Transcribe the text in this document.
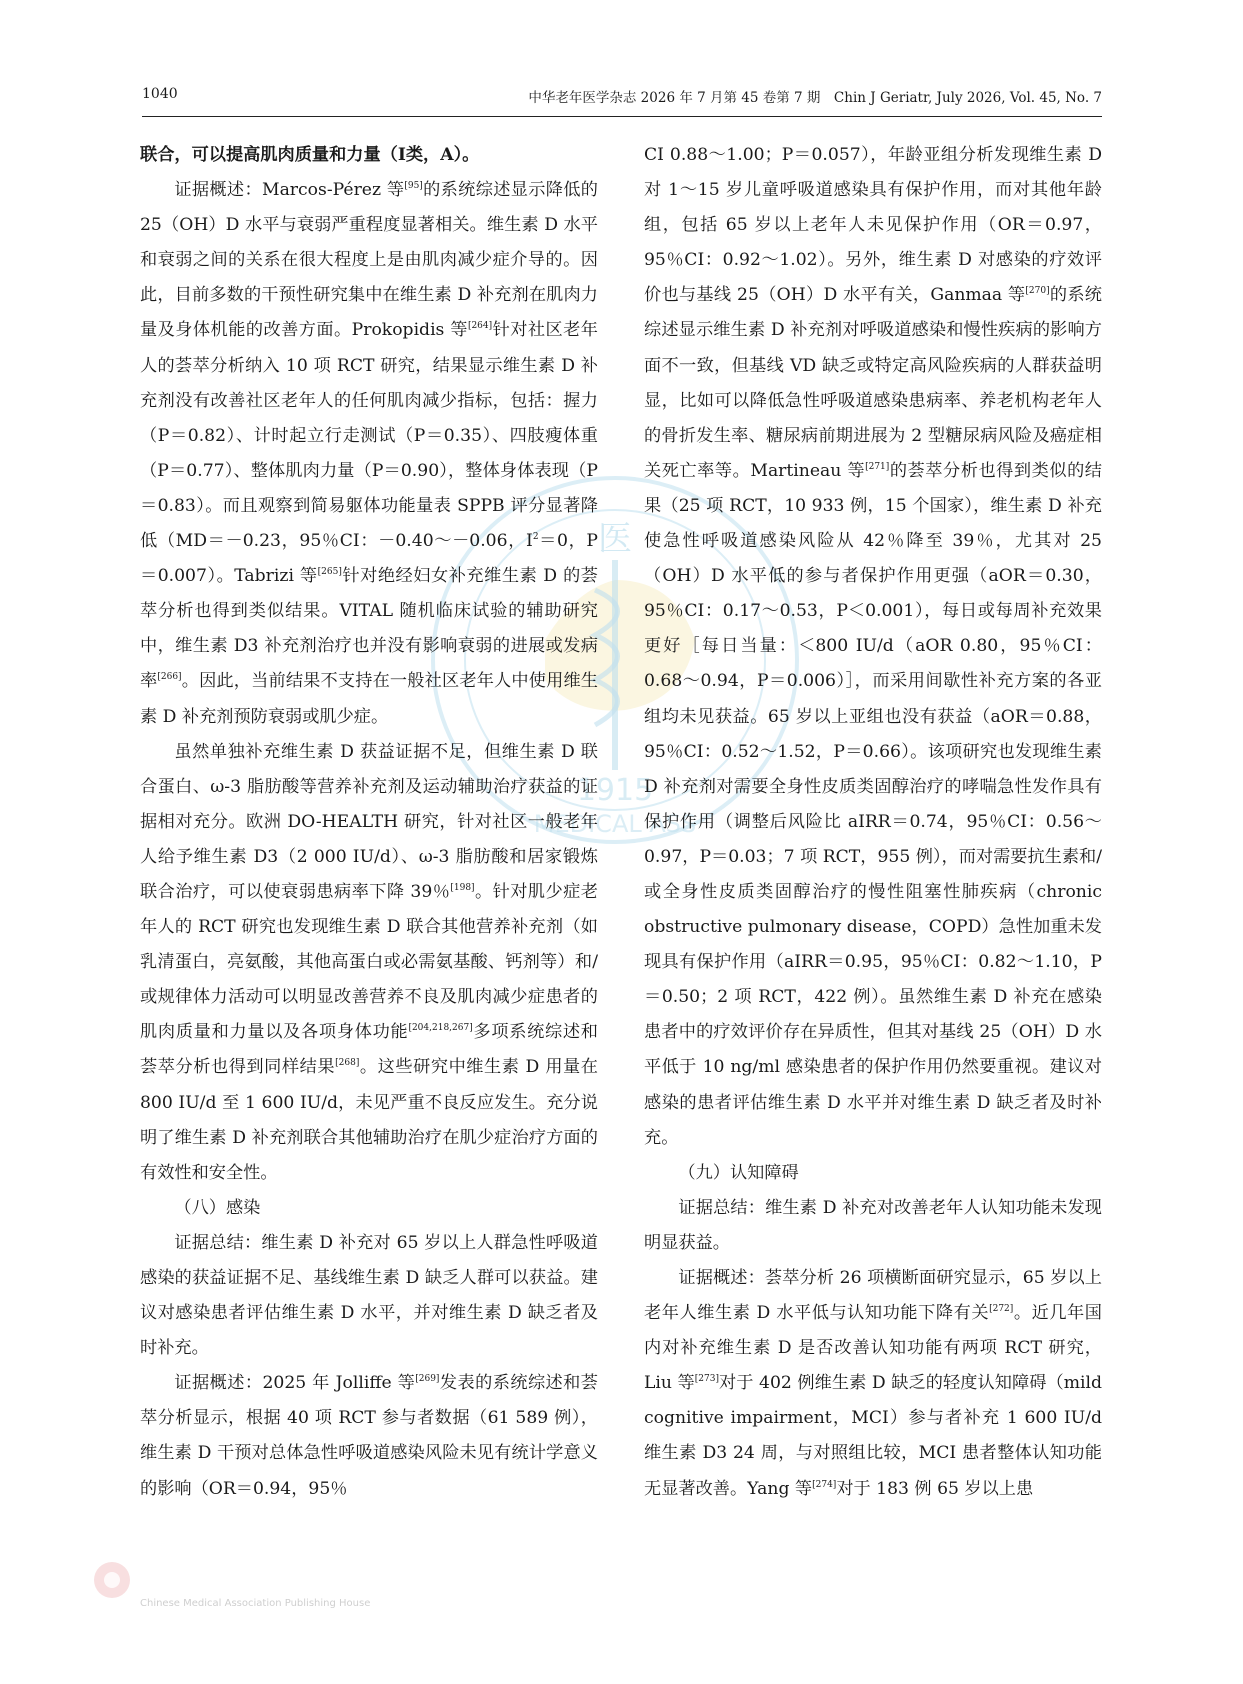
1040	中华老年医学杂志 2026 年 7 月第 45 卷第 7 期　Chin J Geriatr, July 2026, Vol. 45, No. 7
医
1915
MEDICAL ASS
Chinese Medical Association Publishing House

联合，可以提高肌肉质量和力量（Ⅰ类，A）。

证据概述：Marcos-Pérez 等[95]的系统综述显示降低的 25（OH）D 水平与衰弱严重程度显著相关。维生素 D 水平和衰弱之间的关系在很大程度上是由肌肉减少症介导的。因此，目前多数的干预性研究集中在维生素 D 补充剂在肌肉力量及身体机能的改善方面。Prokopidis 等[264]针对社区老年人的荟萃分析纳入 10 项 RCT 研究，结果显示维生素 D 补充剂没有改善社区老年人的任何肌肉减少指标，包括：握力（P＝0.82）、计时起立行走测试（P＝0.35）、四肢瘦体重（P＝0.77）、整体肌肉力量（P＝0.90），整体身体表现（P＝0.83）。而且观察到简易躯体功能量表 SPPB 评分显著降低（MD＝－0.23，95％CI：－0.40～－0.06，$I^2=0$，P＝0.007）。Tabrizi 等[265]针对绝经妇女补充维生素 D 的荟萃分析也得到类似结果。VITAL 随机临床试验的辅助研究中，维生素 D3 补充剂治疗也并没有影响衰弱的进展或发病率[266]。因此，当前结果不支持在一般社区老年人中使用维生素 D 补充剂预防衰弱或肌少症。

虽然单独补充维生素 D 获益证据不足，但维生素 D 联合蛋白、ω-3 脂肪酸等营养补充剂及运动辅助治疗获益的证据相对充分。欧洲 DO-HEALTH 研究，针对社区一般老年人给予维生素 D3（2 000 IU/d）、ω-3 脂肪酸和居家锻炼联合治疗，可以使衰弱患病率下降 39％[198]。针对肌少症老年人的 RCT 研究也发现维生素 D 联合其他营养补充剂（如乳清蛋白，亮氨酸，其他高蛋白或必需氨基酸、钙剂等）和/或规律体力活动可以明显改善营养不良及肌肉减少症患者的肌肉质量和力量以及各项身体功能[204,218,267]多项系统综述和荟萃分析也得到同样结果[268]。这些研究中维生素 D 用量在 800 IU/d 至 1 600 IU/d，未见严重不良反应发生。充分说明了维生素 D 补充剂联合其他辅助治疗在肌少症治疗方面的有效性和安全性。

（八）感染

证据总结：维生素 D 补充对 65 岁以上人群急性呼吸道感染的获益证据不足、基线维生素 D 缺乏人群可以获益。建议对感染患者评估维生素 D 水平，并对维生素 D 缺乏者及时补充。

证据概述：2025 年 Jolliffe 等[269]发表的系统综述和荟萃分析显示，根据 40 项 RCT 参与者数据（61 589 例），维生素 D 干预对总体急性呼吸道感染风险未见有统计学意义的影响（OR＝0.94，95％

CI 0.88～1.00；P＝0.057），年龄亚组分析发现维生素 D 对 1～15 岁儿童呼吸道感染具有保护作用，而对其他年龄组，包括 65 岁以上老年人未见保护作用（OR＝0.97，95％CI：0.92～1.02）。另外，维生素 D 对感染的疗效评价也与基线 25（OH）D 水平有关，Ganmaa 等[270]的系统综述显示维生素 D 补充剂对呼吸道感染和慢性疾病的影响方面不一致，但基线 VD 缺乏或特定高风险疾病的人群获益明显，比如可以降低急性呼吸道感染患病率、养老机构老年人的骨折发生率、糖尿病前期进展为 2 型糖尿病风险及癌症相关死亡率等。Martineau 等[271]的荟萃分析也得到类似的结果（25 项 RCT，10 933 例，15 个国家），维生素 D 补充使急性呼吸道感染风险从 42％降至 39％，尤其对 25（OH）D 水平低的参与者保护作用更强（aOR＝0.30，95％CI：0.17～0.53，P＜0.001），每日或每周补充效果更好［每日当量：＜800 IU/d（aOR 0.80，95％CI：0.68～0.94，P＝0.006）］，而采用间歇性补充方案的各亚组均未见获益。65 岁以上亚组也没有获益（aOR＝0.88，95％CI：0.52～1.52，P＝0.66）。该项研究也发现维生素 D 补充剂对需要全身性皮质类固醇治疗的哮喘急性发作具有保护作用（调整后风险比 aIRR＝0.74，95％CI：0.56～0.97，P＝0.03；7 项 RCT，955 例），而对需要抗生素和/或全身性皮质类固醇治疗的慢性阻塞性肺疾病（chronic obstructive pulmonary disease，COPD）急性加重未发现具有保护作用（aIRR＝0.95，95％CI：0.82～1.10，P＝0.50；2 项 RCT，422 例）。虽然维生素 D 补充在感染患者中的疗效评价存在异质性，但其对基线 25（OH）D 水平低于 10 ng/ml 感染患者的保护作用仍然要重视。建议对感染的患者评估维生素 D 水平并对维生素 D 缺乏者及时补充。

（九）认知障碍

证据总结：维生素 D 补充对改善老年人认知功能未发现明显获益。

证据概述：荟萃分析 26 项横断面研究显示，65 岁以上老年人维生素 D 水平低与认知功能下降有关[272]。近几年国内对补充维生素 D 是否改善认知功能有两项 RCT 研究，Liu 等[273]对于 402 例维生素 D 缺乏的轻度认知障碍（mild cognitive impairment，MCI）参与者补充 1 600 IU/d 维生素 D3 24 周，与对照组比较，MCI 患者整体认知功能无显著改善。Yang 等[274]对于 183 例 65 岁以上患
